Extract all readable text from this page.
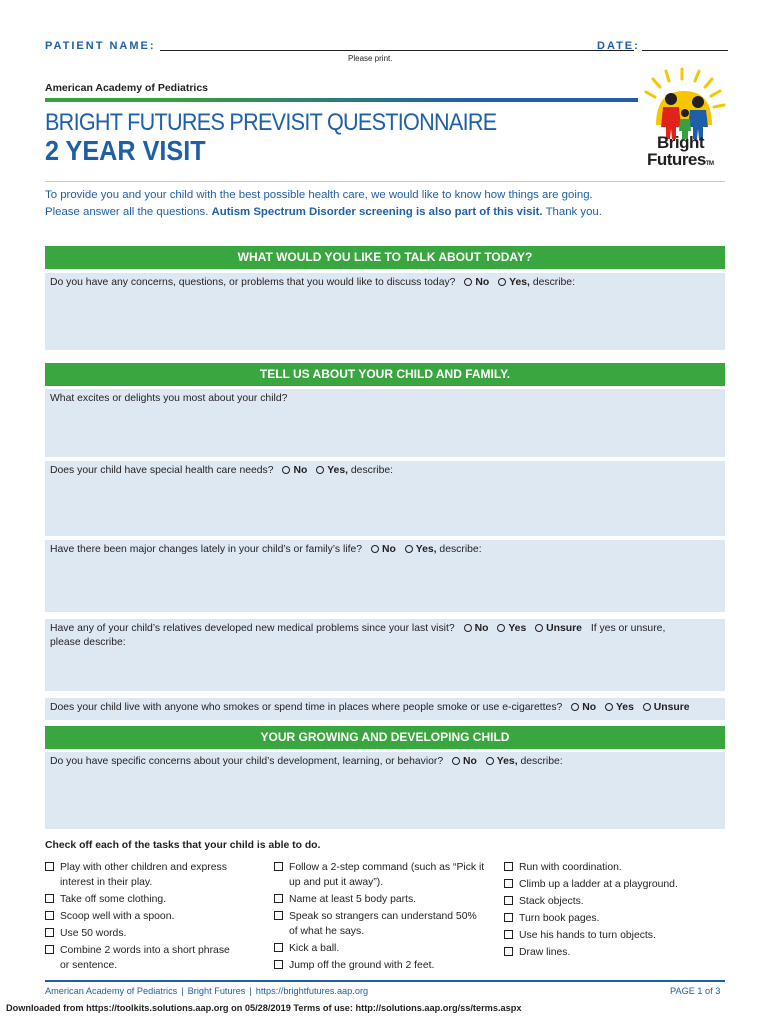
PATIENT NAME:	DATE:
Please print.
American Academy of Pediatrics
BRIGHT FUTURES PREVISIT QUESTIONNAIRE
2 YEAR VISIT	Bright
FuturesTM
To provide you and your child with the best possible health care, we would like to know how things are going.
Please answer all the questions. Autism Spectrum Disorder screening is also part of this visit. Thank you.
WHAT WOULD YOU LIKE TO TALK ABOUT TODAY?
Do you have any concerns, questions, or problems that you would like to discuss today? No Yes, describe:
TELL US ABOUT YOUR CHILD AND FAMILY.
What excites or delights you most about your child?
Does your child have special health care needs? No Yes, describe:
Have there been major changes lately in your child’s or family’s life? No Yes, describe:
Have any of your child’s relatives developed new medical problems since your last visit? No Yes Unsure If yes or unsure,
please describe:
Does your child live with anyone who smokes or spend time in places where people smoke or use e-cigarettes? No Yes Unsure
YOUR GROWING AND DEVELOPING CHILD
Do you have specific concerns about your child’s development, learning, or behavior? No Yes, describe:
Check off each of the tasks that your child is able to do.
Play with other children and express
interest in their play.
Take off some clothing.
Scoop well with a spoon.
Use 50 words.
Combine 2 words into a short phrase
or sentence.
Follow a 2-step command (such as “Pick it
up and put it away”).
Name at least 5 body parts.
Speak so strangers can understand 50%
of what he says.
Kick a ball.
Jump off the ground with 2 feet.
Run with coordination.
Climb up a ladder at a playground.
Stack objects.
Turn book pages.
Use his hands to turn objects.
Draw lines.
American Academy of Pediatrics | Bright Futures | https://brightfutures.aap.org	PAGE 1 of 3
Downloaded from https://toolkits.solutions.aap.org on 05/28/2019 Terms of use: http://solutions.aap.org/ss/terms.aspx
